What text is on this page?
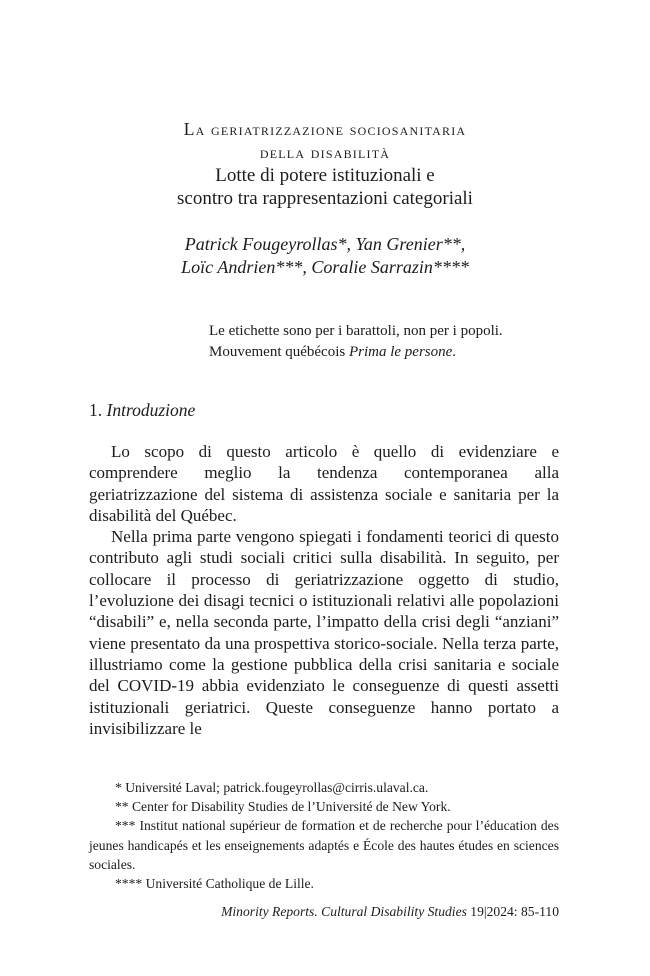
La geriatrizzazione sociosanitaria
della disabilità
Lotte di potere istituzionali e
scontro tra rappresentazioni categoriali
Patrick Fougeyrollas*, Yan Grenier**,
Loïc Andrien***, Coralie Sarrazin****
Le etichette sono per i barattoli, non per i popoli.
Mouvement québécois Prima le persone.
1. Introduzione

Lo scopo di questo articolo è quello di evidenziare e comprendere meglio la tendenza contemporanea alla geriatrizzazione del sistema di assistenza sociale e sanitaria per la disabilità del Québec.

Nella prima parte vengono spiegati i fondamenti teorici di questo contributo agli studi sociali critici sulla disabilità. In seguito, per collocare il processo di geriatrizzazione oggetto di studio, l’evoluzione dei disagi tecnici o istituzionali relativi alle popolazioni “disabili” e, nella seconda parte, l’impatto della crisi degli “anziani” viene presentato da una prospettiva storico-sociale. Nella terza parte, illustriamo come la gestione pubblica della crisi sanitaria e sociale del COVID-19 abbia evidenziato le conseguenze di questi assetti istituzionali geriatrici. Queste conseguenze hanno portato a invisibilizzare le

* Université Laval; patrick.fougeyrollas@cirris.ulaval.ca.
** Center for Disability Studies de l’Université de New York.
*** Institut national supérieur de formation et de recherche pour l’éducation des jeunes handicapés et les enseignements adaptés e École des hautes études en sciences sociales.
**** Université Catholique de Lille.
Minority Reports. Cultural Disability Studies 19|2024: 85-110
